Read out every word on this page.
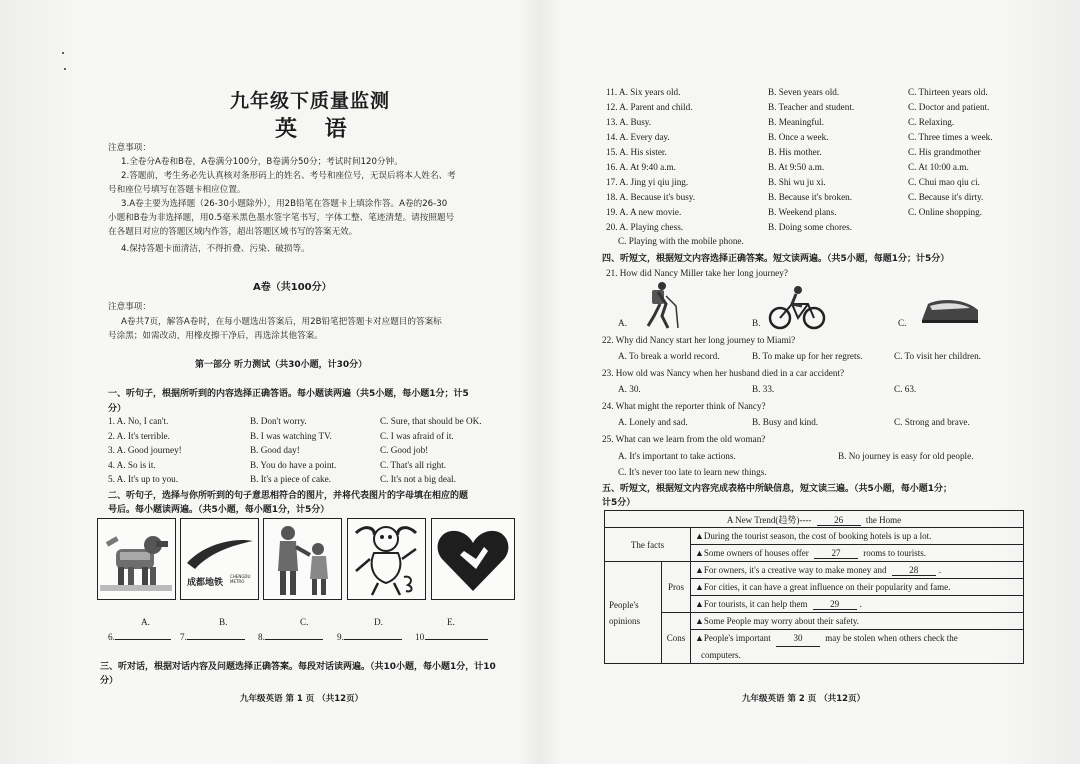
九年级下质量监测
英 语
注意事项：
1.全卷分A卷和B卷，A卷满分100分，B卷满分50分；考试时间120分钟。
2.答题前，考生务必先认真核对条形码上的姓名、考号和座位号，无误后将本人姓名、考
号和座位号填写在答题卡相应位置。
3.A卷主要为选择题（26-30小题除外），用2B铅笔在答题卡上填涂作答。A卷的26-30
小题和B卷为非选择题，用0.5毫米黑色墨水签字笔书写，字体工整、笔迹清楚。请按照题号
在各题目对应的答题区域内作答，超出答题区域书写的答案无效。
4.保持答题卡面清洁，不得折叠、污染、破损等。
A卷（共100分）
注意事项：
A卷共7页，解答A卷时，在每小题选出答案后，用2B铅笔把答题卡对应题目的答案标
号涂黑；如需改动，用橡皮擦干净后，再选涂其他答案。
第一部分 听力测试（共30小题，计30分）
一、听句子，根据所听到的内容选择正确答语。每小题读两遍（共5小题，每小题1分；计5
分）
1. A. No, I can't.	B. Don't worry.	C. Sure, that should be OK.
2. A. It's terrible.	B. I was watching TV.	C. I was afraid of it.
3. A. Good journey!	B. Good day!	C. Good job!
4. A. So is it.	B. You do have a point.	C. That's all right.
5. A. It's up to you.	B. It's a piece of cake.	C. It's not a big deal.
二、听句子，选择与你所听到的句子意思相符合的图片，并将代表图片的字母填在相应的题
号后。每小题读两遍。（共5小题，每小题1分，计5分）
成都地铁
CHENGDU METRO
A.	B.	C.	D.	E.
6.	7.	8.	9.	10.
三、听对话，根据对话内容及问题选择正确答案。每段对话读两遍。（共10小题，每小题1分，计10
分）
九年级英语 第 1 页 （共12页）
11. A. Six years old.	B. Seven years old.	C. Thirteen years old.
12. A. Parent and child.	B. Teacher and student.	C. Doctor and patient.
13. A. Busy.	B. Meaningful.	C. Relaxing.
14. A. Every day.	B. Once a week.	C. Three times a week.
15. A. His sister.	B. His mother.	C. His grandmother
16. A. At 9:40 a.m.	B. At 9:50 a.m.	C. At 10:00 a.m.
17. A. Jing yi qiu jing.	B. Shi wu ju xi.	C. Chui mao qiu ci.
18. A. Because it's busy.	B. Because it's broken.	C. Because it's dirty.
19. A. A new movie.	B. Weekend plans.	C. Online shopping.
20. A. Playing chess.	B. Doing some chores.
C. Playing with the mobile phone.
四、听短文，根据短文内容选择正确答案。短文读两遍。（共5小题，每题1分；计5分）
21. How did Nancy Miller take her long journey?
A.	B.	C.
22. Why did Nancy start her long journey to Miami?
A. To break a world record.	B. To make up for her regrets.	C. To visit her children.
23. How old was Nancy when her husband died in a car accident?
A. 30.	B. 33.	C. 63.
24. What might the reporter think of Nancy?
A. Lonely and sad.	B. Busy and kind.	C. Strong and brave.
25. What can we learn from the old woman?
A. It's important to take actions.	B. No journey is easy for old people.
C. It's never too late to learn new things.
五、听短文，根据短文内容完成表格中所缺信息，短文读三遍。（共5小题，每小题1分；
计5分）
A New Trend(趋势)---- 26 the Home		
The facts		▲During the tourist season, the cost of booking hotels is up a lot.
		▲Some owners of houses offer 27 rooms to tourists.
People's opinions	Pros	▲For owners, it's a creative way to make money and 28 .
		▲For cities, it can have a great influence on their popularity and fame.
		▲For tourists, it can help them 29 .
	Cons	▲Some People may worry about their safety.
		▲People's important 30 may be stolen when others check the
computers.
九年级英语 第 2 页 （共12页）
